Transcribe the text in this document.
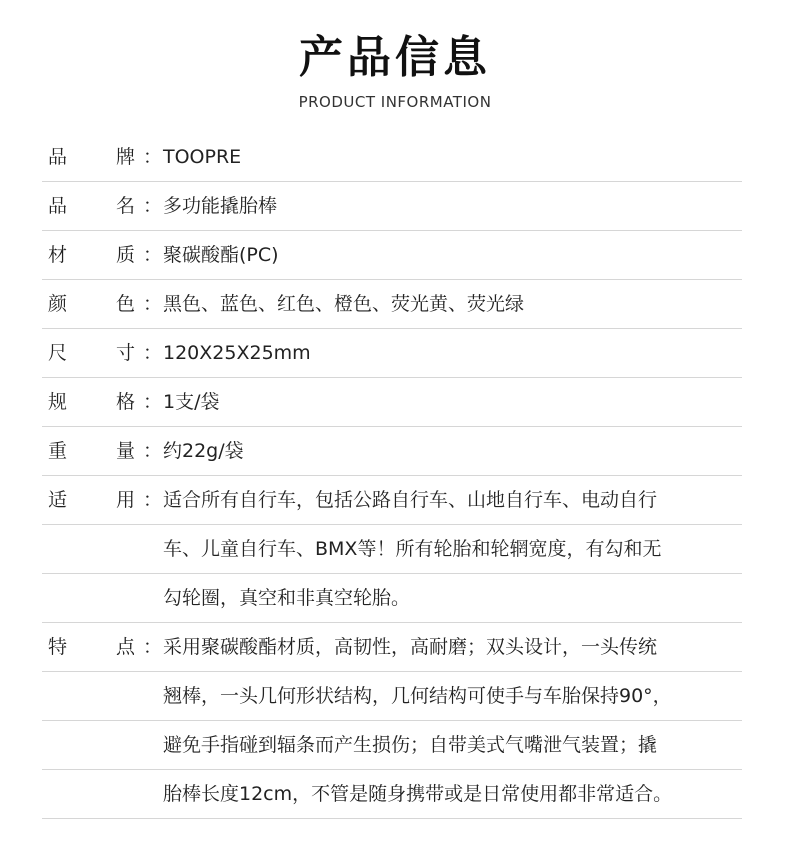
产品信息
PRODUCT INFORMATION
品	牌 ： TOOPRE
品	名 ： 多功能撬胎棒
材	质 ： 聚碳酸酯(PC)
颜	色 ： 黑色、蓝色、红色、橙色、荧光黄、荧光绿
尺	寸 ： 120X25X25mm
规	格 ： 1支/袋
重	量 ： 约22g/袋
适	用 ： 适合所有自行车，包括公路自行车、山地自行车、电动自行
车、儿童自行车、BMX等！所有轮胎和轮辋宽度，有勾和无
勾轮圈，真空和非真空轮胎。
特	点 ： 采用聚碳酸酯材质，高韧性，高耐磨；双头设计，一头传统
翘棒，一头几何形状结构，几何结构可使手与车胎保持90°，
避免手指碰到辐条而产生损伤；自带美式气嘴泄气装置；撬
胎棒长度12cm，不管是随身携带或是日常使用都非常适合。
